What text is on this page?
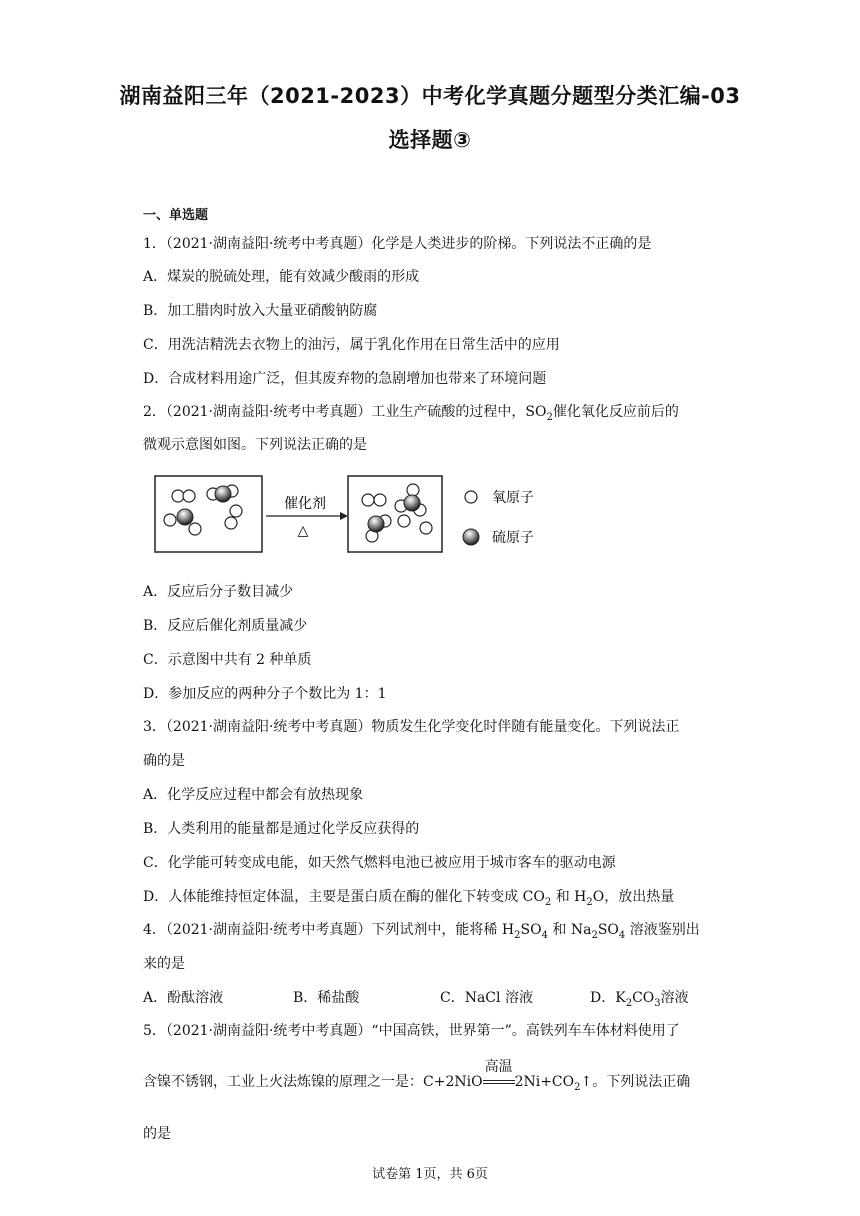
湖南益阳三年（2021-2023）中考化学真题分题型分类汇编-03
选择题③
一、单选题
1．（2021·湖南益阳·统考中考真题）化学是人类进步的阶梯。下列说法不正确的是
A．煤炭的脱硫处理，能有效减少酸雨的形成
B．加工腊肉时放入大量亚硝酸钠防腐
C．用洗洁精洗去衣物上的油污，属于乳化作用在日常生活中的应用
D．合成材料用途广泛，但其废弃物的急剧增加也带来了环境问题
2．（2021·湖南益阳·统考中考真题）工业生产硫酸的过程中，$SO_2$催化氧化反应前后的
微观示意图如图。下列说法正确的是
催化剂
△
氧原子
硫原子
A．反应后分子数目减少
B．反应后催化剂质量减少
C．示意图中共有 2 种单质
D．参加反应的两种分子个数比为 1：1
3．（2021·湖南益阳·统考中考真题）物质发生化学变化时伴随有能量变化。下列说法正
确的是
A．化学反应过程中都会有放热现象
B．人类利用的能量都是通过化学反应获得的
C．化学能可转变成电能，如天然气燃料电池已被应用于城市客车的驱动电源
D．人体能维持恒定体温，主要是蛋白质在酶的催化下转变成 $CO_2$ 和 $H_2O$，放出热量
4．（2021·湖南益阳·统考中考真题）下列试剂中，能将稀 $H_2SO_4$ 和 $Na_2SO_4$ 溶液鉴别出
来的是
A．酚酞溶液	B．稀盐酸	C．NaCl 溶液	D．$K_2CO_3$溶液
5．（2021·湖南益阳·统考中考真题）“中国高铁，世界第一”。高铁列车车体材料使用了
含镍不锈钢，工业上火法炼镍的原理之一是：C+2NiO
高温
$2Ni+CO_2↑$。下列说法正确
的是
试卷第 1页，共 6页
